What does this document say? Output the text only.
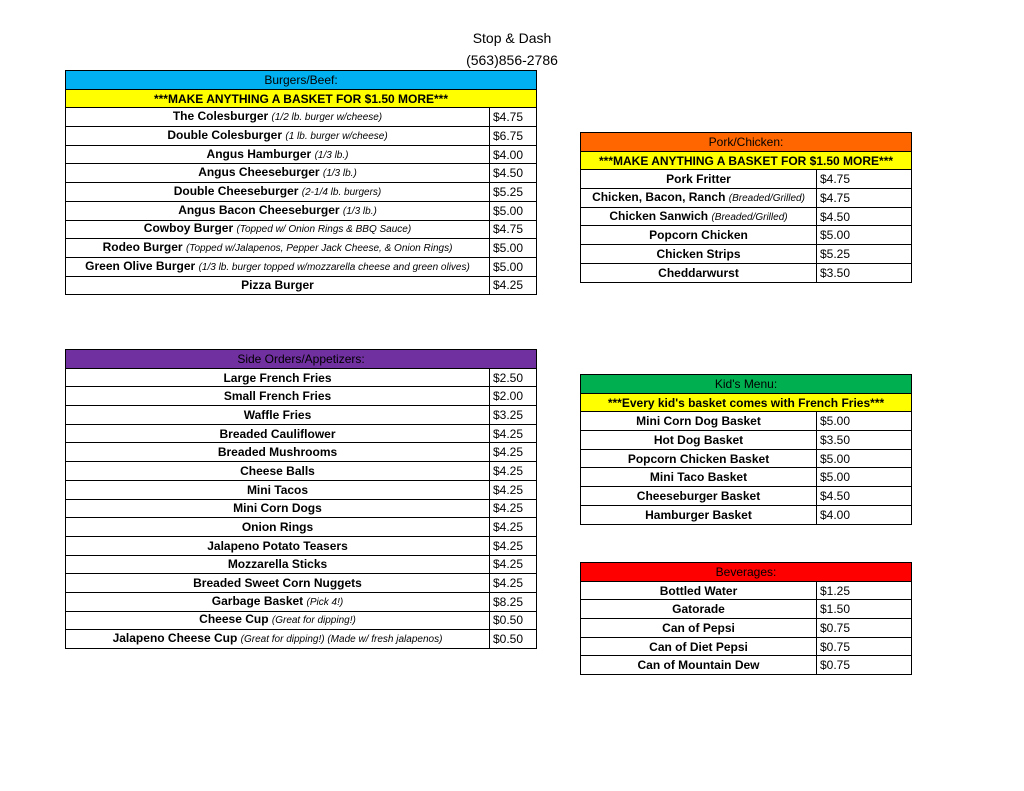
Stop & Dash
(563)856-2786
Burgers/Beef:	
***MAKE ANYTHING A BASKET FOR $1.50 MORE***	
The Colesburger (1/2 lb. burger w/cheese)	$4.75
Double Colesburger (1 lb. burger w/cheese)	$6.75
Angus Hamburger (1/3 lb.)	$4.00
Angus Cheeseburger (1/3 lb.)	$4.50
Double Cheeseburger (2-1/4 lb. burgers)	$5.25
Angus Bacon Cheeseburger (1/3 lb.)	$5.00
Cowboy Burger (Topped w/ Onion Rings & BBQ Sauce)	$4.75
Rodeo Burger (Topped w/Jalapenos, Pepper Jack Cheese, & Onion Rings)	$5.00
Green Olive Burger (1/3 lb. burger topped w/mozzarella cheese and green olives)	$5.00
Pizza Burger	$4.25
Pork/Chicken:	
***MAKE ANYTHING A BASKET FOR $1.50 MORE***	
Pork Fritter	$4.75
Chicken, Bacon, Ranch (Breaded/Grilled)	$4.75
Chicken Sanwich (Breaded/Grilled)	$4.50
Popcorn Chicken	$5.00
Chicken Strips	$5.25
Cheddarwurst	$3.50
Side Orders/Appetizers:	
Large French Fries	$2.50
Small French Fries	$2.00
Waffle Fries	$3.25
Breaded Cauliflower	$4.25
Breaded Mushrooms	$4.25
Cheese Balls	$4.25
Mini Tacos	$4.25
Mini Corn Dogs	$4.25
Onion Rings	$4.25
Jalapeno Potato Teasers	$4.25
Mozzarella Sticks	$4.25
Breaded Sweet Corn Nuggets	$4.25
Garbage Basket (Pick 4!)	$8.25
Cheese Cup (Great for dipping!)	$0.50
Jalapeno Cheese Cup (Great for dipping!) (Made w/ fresh jalapenos)	$0.50
Kid's Menu:	
***Every kid's basket comes with French Fries***	
Mini Corn Dog Basket	$5.00
Hot Dog Basket	$3.50
Popcorn Chicken Basket	$5.00
Mini Taco Basket	$5.00
Cheeseburger Basket	$4.50
Hamburger Basket	$4.00
Beverages:	
Bottled Water	$1.25
Gatorade	$1.50
Can of Pepsi	$0.75
Can of Diet Pepsi	$0.75
Can of Mountain Dew	$0.75
